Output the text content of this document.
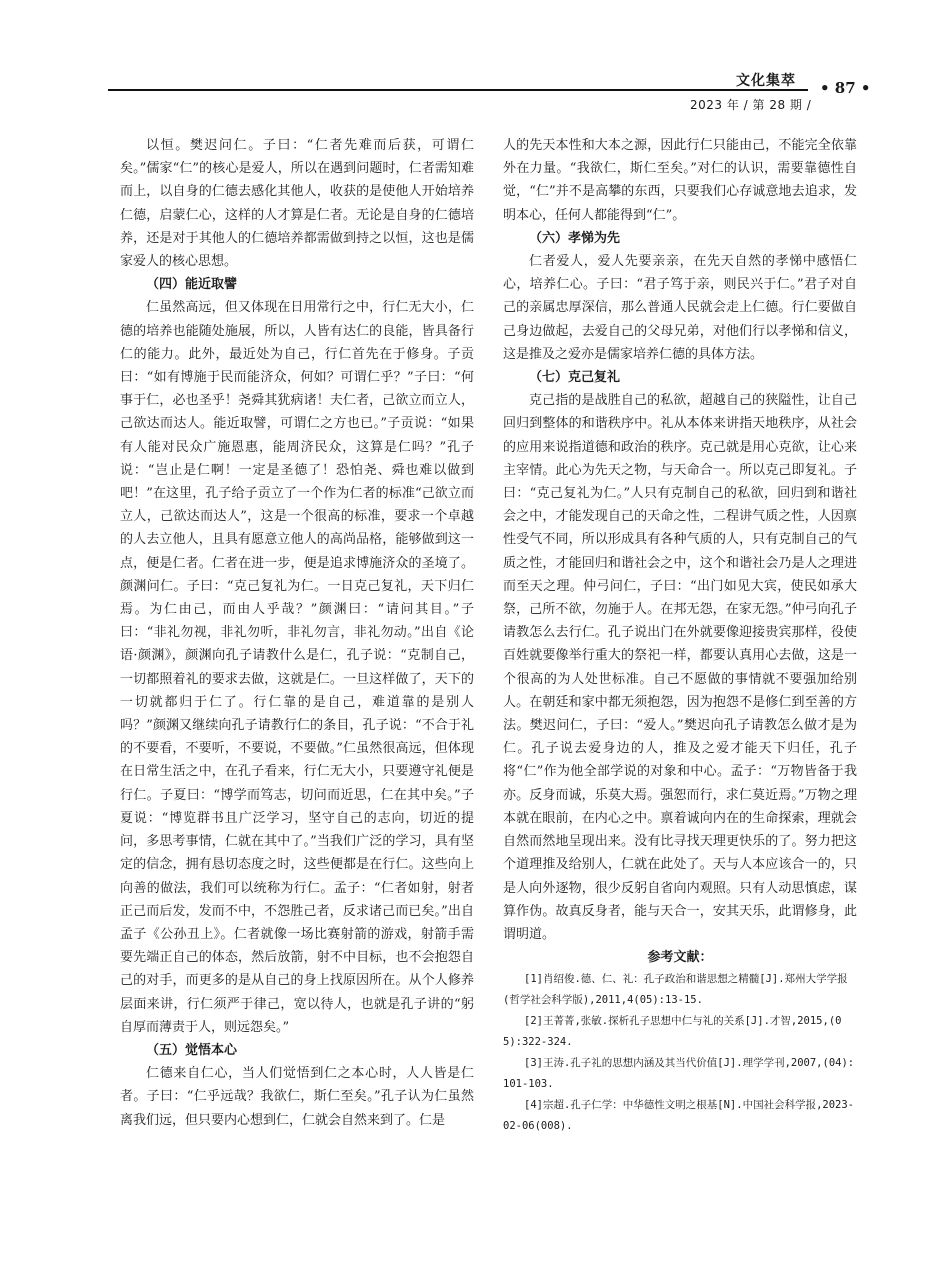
文化集萃 • 87 •
2023 年 / 第 28 期 /

以恒。樊迟问仁。子曰：“仁者先难而后获，可谓仁矣。”儒家“仁”的核心是爱人，所以在遇到问题时，仁者需知难而上，以自身的仁德去感化其他人，收获的是使他人开始培养仁德，启蒙仁心，这样的人才算是仁者。无论是自身的仁德培养，还是对于其他人的仁德培养都需做到持之以恒，这也是儒家爱人的核心思想。

（四）能近取譬

仁虽然高远，但又体现在日用常行之中，行仁无大小，仁德的培养也能随处施展，所以，人皆有达仁的良能，皆具备行仁的能力。此外，最近处为自己，行仁首先在于修身。子贡曰：“如有博施于民而能济众，何如？可谓仁乎？”子曰：“何事于仁，必也圣乎！尧舜其犹病诸！夫仁者，己欲立而立人，己欲达而达人。能近取譬，可谓仁之方也已。”子贡说：“如果有人能对民众广施恩惠，能周济民众，这算是仁吗？”孔子说：“岂止是仁啊！一定是圣德了！恐怕尧、舜也难以做到吧！”在这里，孔子给子贡立了一个作为仁者的标准“己欲立而立人，己欲达而达人”，这是一个很高的标准，要求一个卓越的人去立他人，且具有愿意立他人的高尚品格，能够做到这一点，便是仁者。仁者在进一步，便是追求博施济众的圣境了。颜渊问仁。子曰：“克己复礼为仁。一日克己复礼，天下归仁焉。为仁由己，而由人乎哉？”颜渊曰：“请问其目。”子曰：“非礼勿视，非礼勿听，非礼勿言，非礼勿动。”出自《论语·颜渊》，颜渊向孔子请教什么是仁，孔子说：“克制自己，一切都照着礼的要求去做，这就是仁。一旦这样做了，天下的一切就都归于仁了。行仁靠的是自己，难道靠的是别人吗？”颜渊又继续向孔子请教行仁的条目，孔子说：“不合于礼的不要看，不要听，不要说，不要做。”仁虽然很高远，但体现在日常生活之中，在孔子看来，行仁无大小，只要遵守礼便是行仁。子夏曰：“博学而笃志，切问而近思，仁在其中矣。”子夏说：“博览群书且广泛学习，坚守自己的志向，切近的提问，多思考事情，仁就在其中了。”当我们广泛的学习，具有坚定的信念，拥有恳切态度之时，这些便都是在行仁。这些向上向善的做法，我们可以统称为行仁。孟子：“仁者如射，射者正己而后发，发而不中，不怨胜己者，反求诸己而已矣。”出自孟子《公孙丑上》。仁者就像一场比赛射箭的游戏，射箭手需要先端正自己的体态，然后放箭，射不中目标，也不会抱怨自己的对手，而更多的是从自己的身上找原因所在。从个人修养层面来讲，行仁须严于律己，宽以待人，也就是孔子讲的“躬自厚而薄责于人，则远怨矣。”

（五）觉悟本心

仁德来自仁心，当人们觉悟到仁之本心时，人人皆是仁者。子曰：“仁乎远哉？我欲仁，斯仁至矣。”孔子认为仁虽然离我们远，但只要内心想到仁，仁就会自然来到了。仁是

人的先天本性和大本之源，因此行仁只能由己，不能完全依靠外在力量。“我欲仁，斯仁至矣。”对仁的认识，需要靠德性自觉，“仁”并不是高攀的东西，只要我们心存诚意地去追求，发明本心，任何人都能得到“仁”。

（六）孝悌为先

仁者爱人，爱人先要亲亲，在先天自然的孝悌中感悟仁心，培养仁心。子曰：“君子笃于亲，则民兴于仁。”君子对自己的亲属忠厚深信，那么普通人民就会走上仁德。行仁要做自己身边做起，去爱自己的父母兄弟，对他们行以孝悌和信义，这是推及之爱亦是儒家培养仁德的具体方法。

（七）克己复礼

克己指的是战胜自己的私欲，超越自己的狭隘性，让自己回归到整体的和谐秩序中。礼从本体来讲指天地秩序，从社会的应用来说指道德和政治的秩序。克己就是用心克欲，让心来主宰情。此心为先天之物，与天命合一。所以克己即复礼。子曰：“克己复礼为仁。”人只有克制自己的私欲，回归到和谐社会之中，才能发现自己的天命之性，二程讲气质之性，人因禀性受气不同，所以形成具有各种气质的人，只有克制自己的气质之性，才能回归和谐社会之中，这个和谐社会乃是人之理进而至天之理。仲弓问仁，子曰：“出门如见大宾，使民如承大祭，己所不欲，勿施于人。在邦无怨，在家无怨。”仲弓向孔子请教怎么去行仁。孔子说出门在外就要像迎接贵宾那样，役使百姓就要像举行重大的祭祀一样，都要认真用心去做，这是一个很高的为人处世标准。自己不愿做的事情就不要强加给别人。在朝廷和家中都无须抱怨，因为抱怨不是修仁到至善的方法。樊迟问仁，子曰：“爱人。”樊迟向孔子请教怎么做才是为仁。孔子说去爱身边的人，推及之爱才能天下归任，孔子将“仁”作为他全部学说的对象和中心。孟子：“万物皆备于我亦。反身而诚，乐莫大焉。强恕而行，求仁莫近焉。”万物之理本就在眼前，在内心之中。禀着诚向内在的生命探索，理就会自然而然地呈现出来。没有比寻找天理更快乐的了。努力把这个道理推及给别人，仁就在此处了。天与人本应该合一的，只是人向外逐物，很少反躬自省向内观照。只有人动思慎虑，谋算作伪。故真反身者，能与天合一，安其天乐，此谓修身，此谓明道。

参考文献：

[1]肖绍俊.德、仁、礼：孔子政治和谐思想之精髓[J].郑州大学学报(哲学社会科学版),2011,4(05):13-15.

[2]王菁菁,张敏.探析孔子思想中仁与礼的关系[J].才智,2015,(05):322-324.

[3]王涛.孔子礼的思想内涵及其当代价值[J].理学学刊,2007,(04):101-103.

[4]宗超.孔子仁学：中华德性文明之根基[N].中国社会科学报,2023-02-06(008).
